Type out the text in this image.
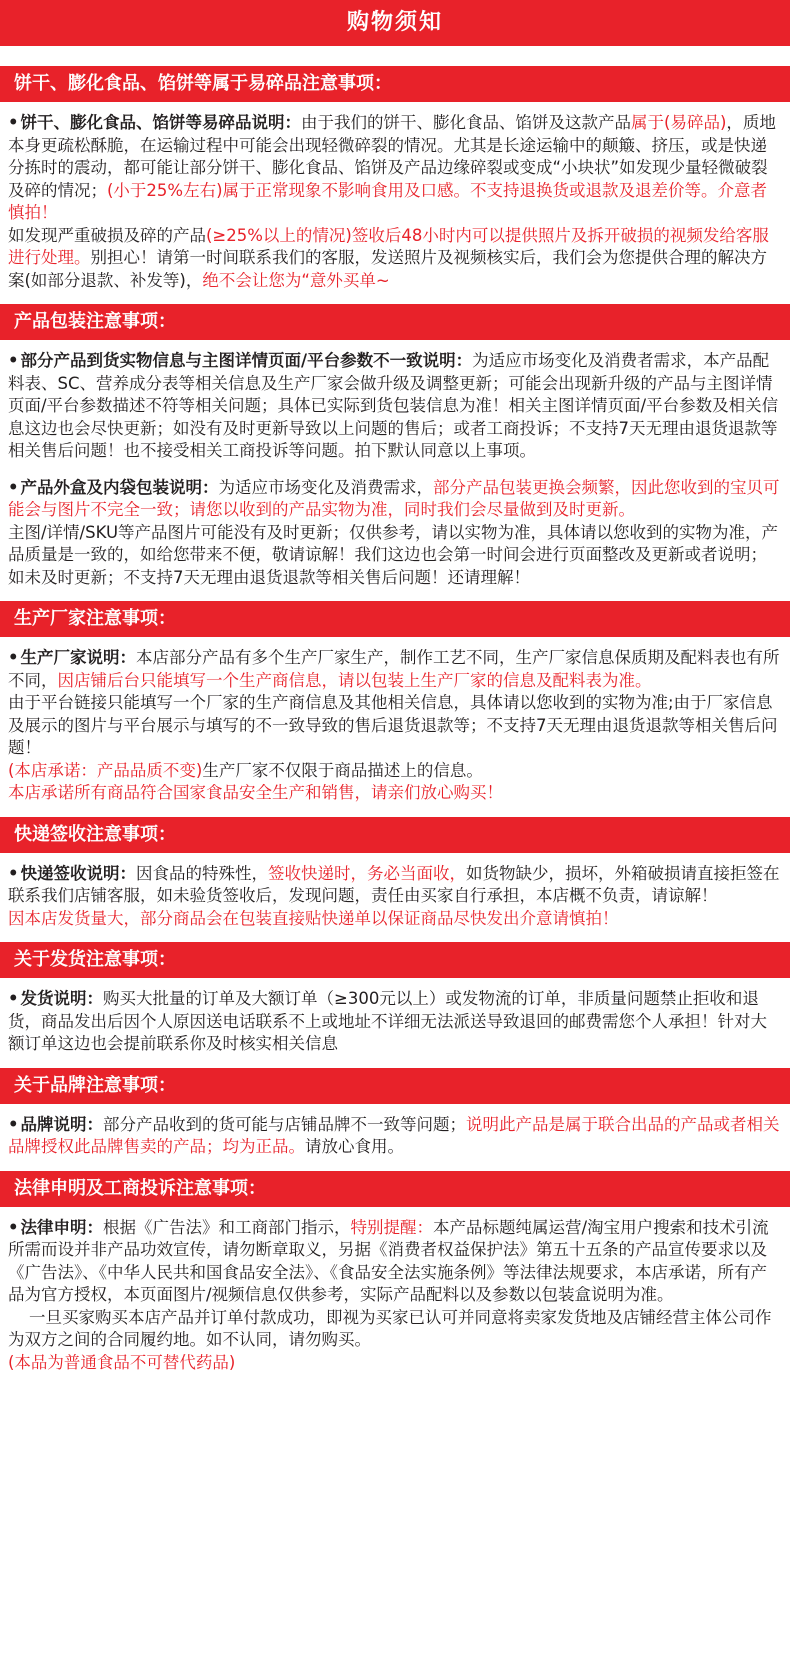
购物须知
饼干、膨化食品、馅饼等属于易碎品注意事项：

• 饼干、膨化食品、馅饼等易碎品说明：由于我们的饼干、膨化食品、馅饼及这款产品属于(易碎品)，质地本身更疏松酥脆，在运输过程中可能会出现轻微碎裂的情况。尤其是长途运输中的颠簸、挤压，或是快递分拣时的震动，都可能让部分饼干、膨化食品、馅饼及产品边缘碎裂或变成“小块状”如发现少量轻微破裂及碎的情况；(小于25%左右)属于正常现象不影响食用及口感。不支持退换货或退款及退差价等。介意者慎拍！

如发现严重破损及碎的产品(≥25%以上的情况)签收后48小时内可以提供照片及拆开破损的视频发给客服进行处理。别担心！请第一时间联系我们的客服，发送照片及视频核实后，我们会为您提供合理的解决方案(如部分退款、补发等)，绝不会让您为“意外买单~

产品包装注意事项：

• 部分产品到货实物信息与主图详情页面/平台参数不一致说明：为适应市场变化及消费者需求，本产品配料表、SC、营养成分表等相关信息及生产厂家会做升级及调整更新；可能会出现新升级的产品与主图详情页面/平台参数描述不符等相关问题；具体已实际到货包装信息为准！相关主图详情页面/平台参数及相关信息这边也会尽快更新；如没有及时更新导致以上问题的售后；或者工商投诉；不支持7天无理由退货退款等相关售后问题！也不接受相关工商投诉等问题。拍下默认同意以上事项。

• 产品外盒及内袋包装说明：为适应市场变化及消费需求，部分产品包装更换会频繁，因此您收到的宝贝可能会与图片不完全一致；请您以收到的产品实物为准，同时我们会尽量做到及时更新。

主图/详情/SKU等产品图片可能没有及时更新；仅供参考，请以实物为准，具体请以您收到的实物为准，产品质量是一致的，如给您带来不便，敬请谅解！我们这边也会第一时间会进行页面整改及更新或者说明；如未及时更新；不支持7天无理由退货退款等相关售后问题！还请理解！

生产厂家注意事项：

• 生产厂家说明：本店部分产品有多个生产厂家生产，制作工艺不同，生产厂家信息保质期及配料表也有所不同，因店铺后台只能填写一个生产商信息，请以包装上生产厂家的信息及配料表为准。

由于平台链接只能填写一个厂家的生产商信息及其他相关信息，具体请以您收到的实物为准;由于厂家信息及展示的图片与平台展示与填写的不一致导致的售后退货退款等；不支持7天无理由退货退款等相关售后问题！

(本店承诺：产品品质不变)生产厂家不仅限于商品描述上的信息。

本店承诺所有商品符合国家食品安全生产和销售，请亲们放心购买！

快递签收注意事项：

• 快递签收说明：因食品的特殊性，签收快递时，务必当面收，如货物缺少，损坏，外箱破损请直接拒签在联系我们店铺客服，如未验货签收后，发现问题，责任由买家自行承担，本店概不负责，请谅解！

因本店发货量大，部分商品会在包装直接贴快递单以保证商品尽快发出介意请慎拍！

关于发货注意事项：

• 发货说明：购买大批量的订单及大额订单（≥300元以上）或发物流的订单，非质量问题禁止拒收和退货，商品发出后因个人原因送电话联系不上或地址不详细无法派送导致退回的邮费需您个人承担！针对大额订单这边也会提前联系你及时核实相关信息

关于品牌注意事项：

• 品牌说明：部分产品收到的货可能与店铺品牌不一致等问题；说明此产品是属于联合出品的产品或者相关品牌授权此品牌售卖的产品；均为正品。请放心食用。

法律申明及工商投诉注意事项：

• 法律申明：根据《广告法》和工商部门指示，特别提醒：本产品标题纯属运营/淘宝用户搜索和技术引流所需而设并非产品功效宣传，请勿断章取义，另据《消费者权益保护法》第五十五条的产品宣传要求以及《广告法》、《中华人民共和国食品安全法》、《食品安全法实施条例》等法律法规要求，本店承诺，所有产品为官方授权，本页面图片/视频信息仅供参考，实际产品配料以及参数以包装盒说明为准。

一旦买家购买本店产品并订单付款成功，即视为买家已认可并同意将卖家发货地及店铺经营主体公司作为双方之间的合同履约地。如不认同，请勿购买。

(本品为普通食品不可替代药品)
